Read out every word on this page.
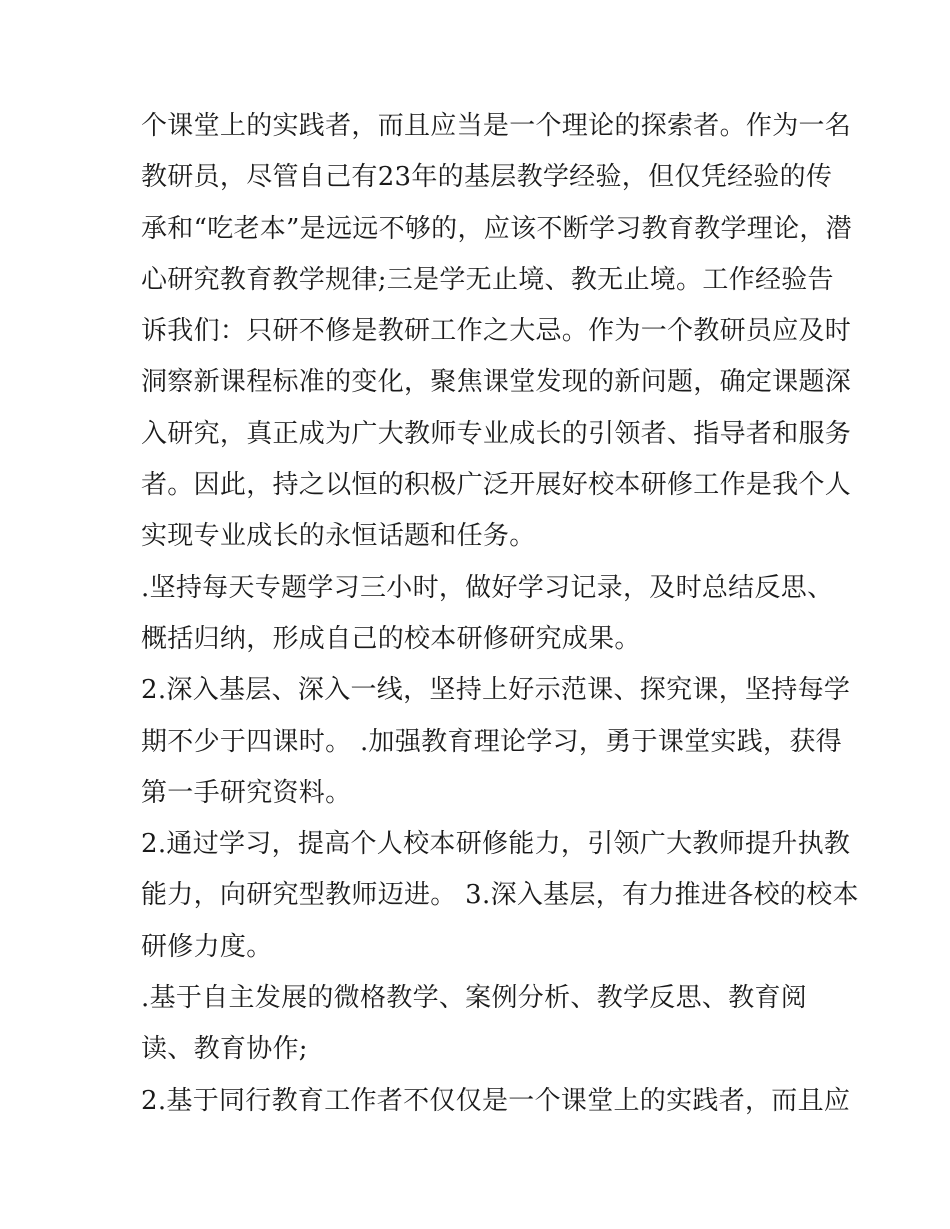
个课堂上的实践者，而且应当是一个理论的探索者。作为一名
教研员，尽管自己有23年的基层教学经验，但仅凭经验的传
承和“吃老本”是远远不够的，应该不断学习教育教学理论，潜
心研究教育教学规律;三是学无止境、教无止境。工作经验告
诉我们：只研不修是教研工作之大忌。作为一个教研员应及时
洞察新课程标准的变化，聚焦课堂发现的新问题，确定课题深
入研究，真正成为广大教师专业成长的引领者、指导者和服务
者。因此，持之以恒的积极广泛开展好校本研修工作是我个人
实现专业成长的永恒话题和任务。
.坚持每天专题学习三小时，做好学习记录，及时总结反思、
概括归纳，形成自己的校本研修研究成果。
2.深入基层、深入一线，坚持上好示范课、探究课，坚持每学
期不少于四课时。 .加强教育理论学习，勇于课堂实践，获得
第一手研究资料。
2.通过学习，提高个人校本研修能力，引领广大教师提升执教
能力，向研究型教师迈进。 3.深入基层，有力推进各校的校本
研修力度。
.基于自主发展的微格教学、案例分析、教学反思、教育阅
读、教育协作;
2.基于同行教育工作者不仅仅是一个课堂上的实践者，而且应
